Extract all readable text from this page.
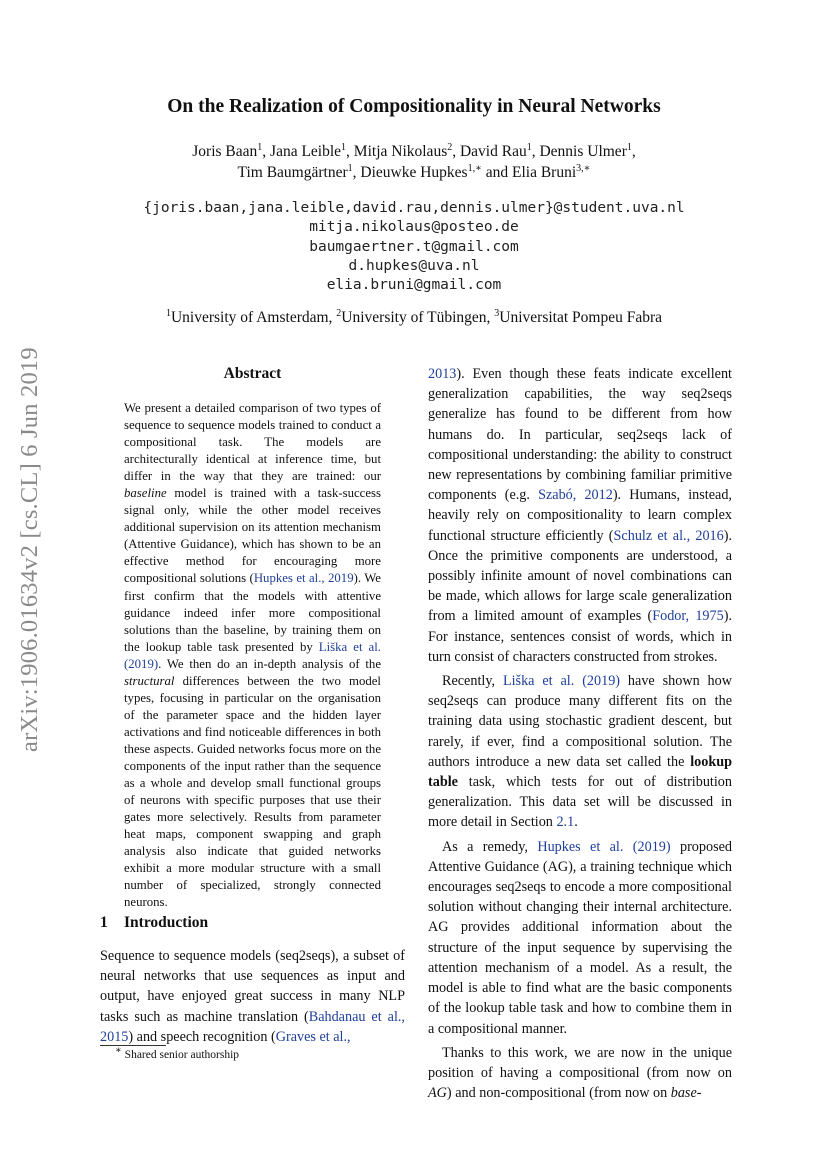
On the Realization of Compositionality in Neural Networks
Joris Baan$^1$, Jana Leible$^1$, Mitja Nikolaus$^2$, David Rau$^1$, Dennis Ulmer$^1$,
Tim Baumgärtner$^1$, Dieuwke Hupkes$^{1,∗}$ and Elia Bruni$^{3,∗}$
{joris.baan,jana.leible,david.rau,dennis.ulmer}@student.uva.nl
mitja.nikolaus@posteo.de
baumgaertner.t@gmail.com
d.hupkes@uva.nl
elia.bruni@gmail.com
$^1$University of Amsterdam, $^2$University of Tübingen, $^3$Universitat Pompeu Fabra
arXiv:1906.01634v2 [cs.CL] 6 Jun 2019	Abstract

We present a detailed comparison of two types of sequence to sequence models trained to conduct a compositional task. The models are architecturally identical at inference time, but differ in the way that they are trained: our baseline model is trained with a task-success signal only, while the other model receives additional supervision on its attention mechanism (Attentive Guidance), which has shown to be an effective method for encouraging more compositional solutions (Hupkes et al., 2019). We first confirm that the models with attentive guidance indeed infer more compositional solutions than the baseline, by training them on the lookup table task presented by Liška et al. (2019). We then do an in-depth analysis of the structural differences between the two model types, focusing in particular on the organisation of the parameter space and the hidden layer activations and find noticeable differences in both these aspects. Guided networks focus more on the components of the input rather than the sequence as a whole and develop small functional groups of neurons with specific purposes that use their gates more selectively. Results from parameter heat maps, component swapping and graph analysis also indicate that guided networks exhibit a more modular structure with a small number of specialized, strongly connected neurons.

1 Introduction

Sequence to sequence models (seq2seqs), a subset of neural networks that use sequences as input and output, have enjoyed great success in many NLP tasks such as machine translation (Bahdanau et al., 2015) and speech recognition (Graves et al.,

∗ Shared senior authorship

2013). Even though these feats indicate excellent generalization capabilities, the way seq2seqs generalize has found to be different from how humans do. In particular, seq2seqs lack of compositional understanding: the ability to construct new representations by combining familiar primitive components (e.g. Szabó, 2012). Humans, instead, heavily rely on compositionality to learn complex functional structure efficiently (Schulz et al., 2016). Once the primitive components are understood, a possibly infinite amount of novel combinations can be made, which allows for large scale generalization from a limited amount of examples (Fodor, 1975). For instance, sentences consist of words, which in turn consist of characters constructed from strokes.

Recently, Liška et al. (2019) have shown how seq2seqs can produce many different fits on the training data using stochastic gradient descent, but rarely, if ever, find a compositional solution. The authors introduce a new data set called the lookup table task, which tests for out of distribution generalization. This data set will be discussed in more detail in Section 2.1.

As a remedy, Hupkes et al. (2019) proposed Attentive Guidance (AG), a training technique which encourages seq2seqs to encode a more compositional solution without changing their internal architecture. AG provides additional information about the structure of the input sequence by supervising the attention mechanism of a model. As a result, the model is able to find what are the basic components of the lookup table task and how to combine them in a compositional manner.

Thanks to this work, we are now in the unique position of having a compositional (from now on AG) and non-compositional (from now on base-
